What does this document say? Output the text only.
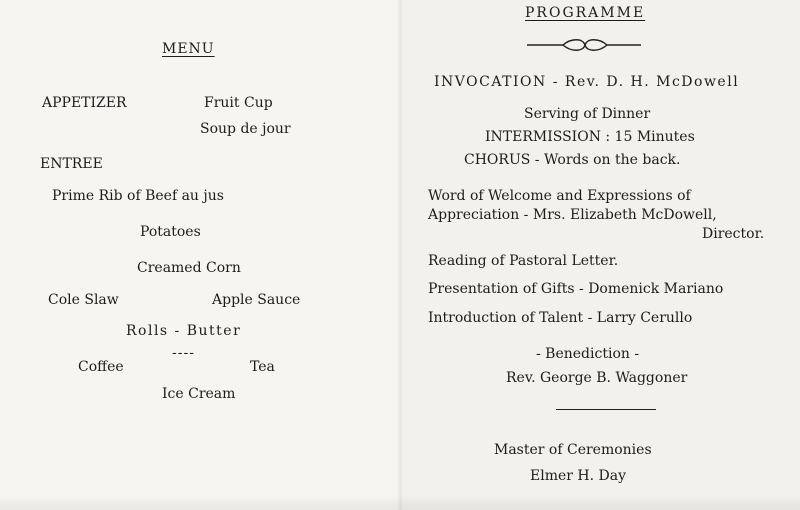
MENU
APPETIZER	Fruit Cup
Soup de jour
ENTREE
Prime Rib of Beef au jus
Potatoes
Creamed Corn
Cole Slaw	Apple Sauce
Rolls - Butter
----
Coffee	Tea
Ice Cream
PROGRAMME
INVOCATION - Rev. D. H. McDowell
Serving of Dinner
INTERMISSION : 15 Minutes
CHORUS - Words on the back.
Word of Welcome and Expressions of
Appreciation - Mrs. Elizabeth McDowell,
Director.
Reading of Pastoral Letter.
Presentation of Gifts - Domenick Mariano
Introduction of Talent - Larry Cerullo
- Benediction -
Rev. George B. Waggoner
Master of Ceremonies
Elmer H. Day
